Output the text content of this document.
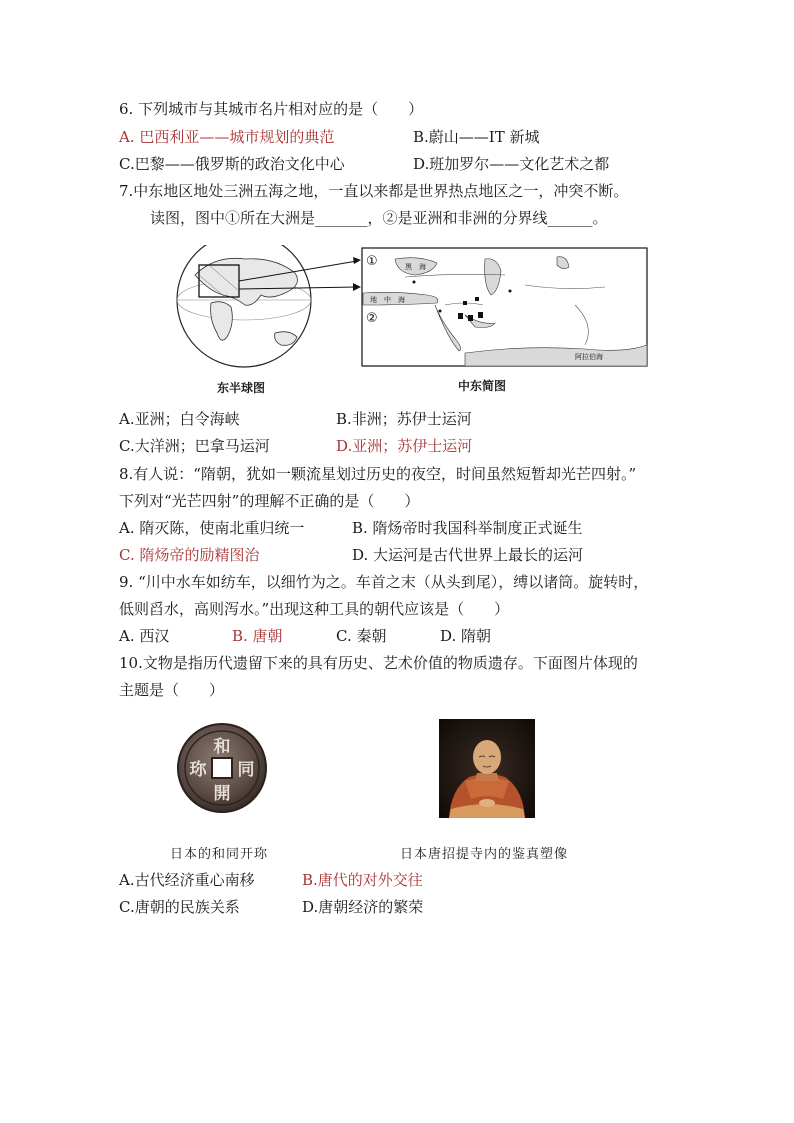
6. 下列城市与其城市名片相对应的是（　　）
A. 巴西利亚——城市规划的典范	B.蔚山——IT 新城
C.巴黎——俄罗斯的政治文化中心	D.班加罗尔——文化艺术之都
7.中东地区地处三洲五海之地，一直以来都是世界热点地区之一，冲突不断。
读图，图中①所在大洲是_______，②是亚洲和非洲的分界线______。
①
②
黑　海
地　中　海
阿拉伯海
东半球图	中东简图
A.亚洲；白令海峡	B.非洲；苏伊士运河
C.大洋洲；巴拿马运河	D.亚洲；苏伊士运河
8.有人说：“隋朝，犹如一颗流星划过历史的夜空，时间虽然短暂却光芒四射。”
下列对“光芒四射”的理解不正确的是（　　）
A. 隋灭陈，使南北重归统一	B. 隋炀帝时我国科举制度正式诞生
C. 隋炀帝的励精图治	D. 大运河是古代世界上最长的运河
9. “川中水车如纺车，以细竹为之。车首之末（从头到尾），缚以诸筒。旋转时，
低则舀水，高则泻水。”出现这种工具的朝代应该是（　　）
A. 西汉	B. 唐朝	C. 秦朝	D. 隋朝
10.文物是指历代遗留下来的具有历史、艺术价值的物质遗存。下面图片体现的
主题是（　　）
和
同
開
珎
日本的和同开珎	日本唐招提寺内的鉴真塑像
A.古代经济重心南移	B.唐代的对外交往
C.唐朝的民族关系	D.唐朝经济的繁荣
